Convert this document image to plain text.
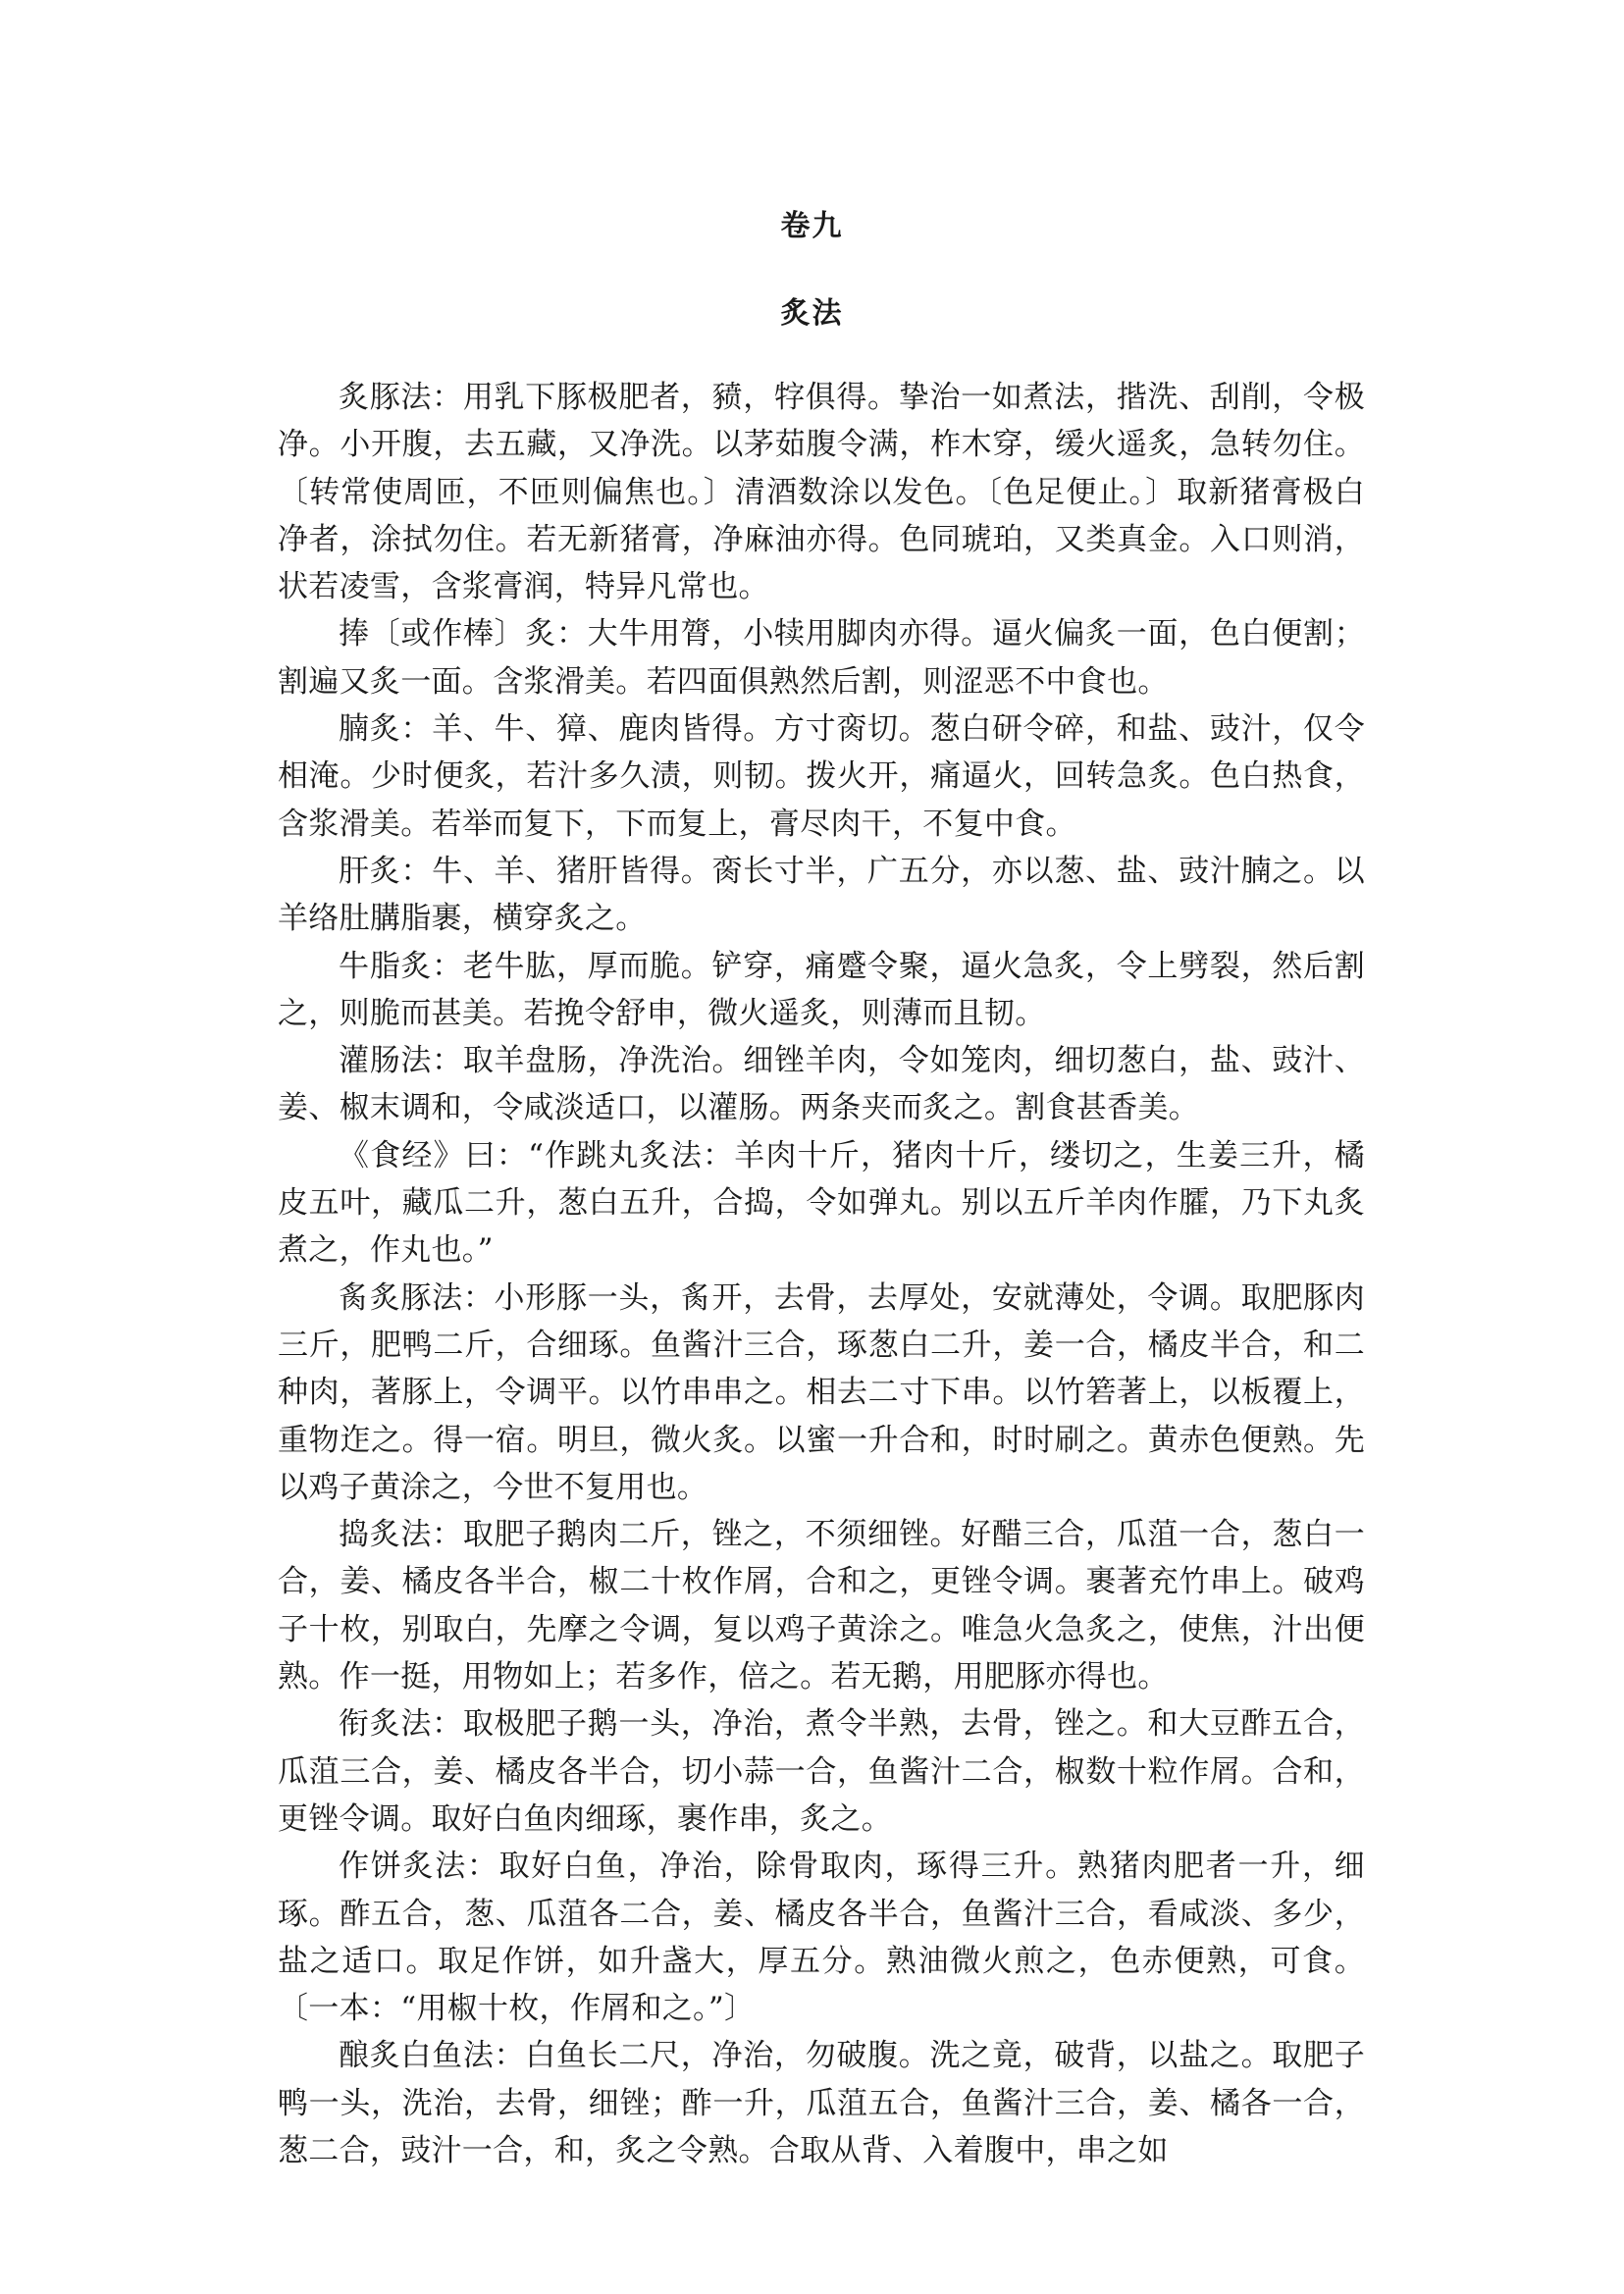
卷九
炙法

炙豚法：用乳下豚极肥者，豮，牸俱得。挚治一如煮法，揩洗、刮削，令极净。小开腹，去五藏，又净洗。以茅茹腹令满，柞木穿，缓火遥炙，急转勿住。〔转常使周匝，不匝则偏焦也。〕清酒数涂以发色。〔色足便止。〕取新猪膏极白净者，涂拭勿住。若无新猪膏，净麻油亦得。色同琥珀，又类真金。入口则消，状若凌雪，含浆膏润，特异凡常也。

捧〔或作棒〕炙：大牛用膂，小犊用脚肉亦得。逼火偏炙一面，色白便割；割遍又炙一面。含浆滑美。若四面俱熟然后割，则涩恶不中食也。

腩炙：羊、牛、獐、鹿肉皆得。方寸脔切。葱白研令碎，和盐、豉汁，仅令相淹。少时便炙，若汁多久渍，则韧。拨火开，痛逼火，回转急炙。色白热食，含浆滑美。若举而复下，下而复上，膏尽肉干，不复中食。

肝炙：牛、羊、猪肝皆得。脔长寸半，广五分，亦以葱、盐、豉汁腩之。以羊络肚䐟脂裹，横穿炙之。

牛脂炙：老牛肱，厚而脆。铲穿，痛蹙令聚，逼火急炙，令上劈裂，然后割之，则脆而甚美。若挽令舒申，微火遥炙，则薄而且韧。

灌肠法：取羊盘肠，净洗治。细锉羊肉，令如笼肉，细切葱白，盐、豉汁、姜、椒末调和，令咸淡适口，以灌肠。两条夹而炙之。割食甚香美。

《食经》曰：“作跳丸炙法：羊肉十斤，猪肉十斤，缕切之，生姜三升，橘皮五叶，藏瓜二升，葱白五升，合捣，令如弹丸。别以五斤羊肉作臛，乃下丸炙煮之，作丸也。”

䏑炙豚法：小形豚一头，䏑开，去骨，去厚处，安就薄处，令调。取肥豚肉三斤，肥鸭二斤，合细琢。鱼酱汁三合，琢葱白二升，姜一合，橘皮半合，和二种肉，著豚上，令调平。以竹串串之。相去二寸下串。以竹箬著上，以板覆上，重物迮之。得一宿。明旦，微火炙。以蜜一升合和，时时刷之。黄赤色便熟。先以鸡子黄涂之，今世不复用也。

捣炙法：取肥子鹅肉二斤，锉之，不须细锉。好醋三合，瓜菹一合，葱白一合，姜、橘皮各半合，椒二十枚作屑，合和之，更锉令调。裹著充竹串上。破鸡子十枚，别取白，先摩之令调，复以鸡子黄涂之。唯急火急炙之，使焦，汁出便熟。作一挺，用物如上；若多作，倍之。若无鹅，用肥豚亦得也。

衔炙法：取极肥子鹅一头，净治，煮令半熟，去骨，锉之。和大豆酢五合，瓜菹三合，姜、橘皮各半合，切小蒜一合，鱼酱汁二合，椒数十粒作屑。合和，更锉令调。取好白鱼肉细琢，裹作串，炙之。

作饼炙法：取好白鱼，净治，除骨取肉，琢得三升。熟猪肉肥者一升，细琢。酢五合，葱、瓜菹各二合，姜、橘皮各半合，鱼酱汁三合，看咸淡、多少，盐之适口。取足作饼，如升盏大，厚五分。熟油微火煎之，色赤便熟，可食。〔一本：“用椒十枚，作屑和之。”〕

酿炙白鱼法：白鱼长二尺，净治，勿破腹。洗之竟，破背，以盐之。取肥子鸭一头，洗治，去骨，细锉；酢一升，瓜菹五合，鱼酱汁三合，姜、橘各一合，葱二合，豉汁一合，和，炙之令熟。合取从背、入着腹中，串之如
